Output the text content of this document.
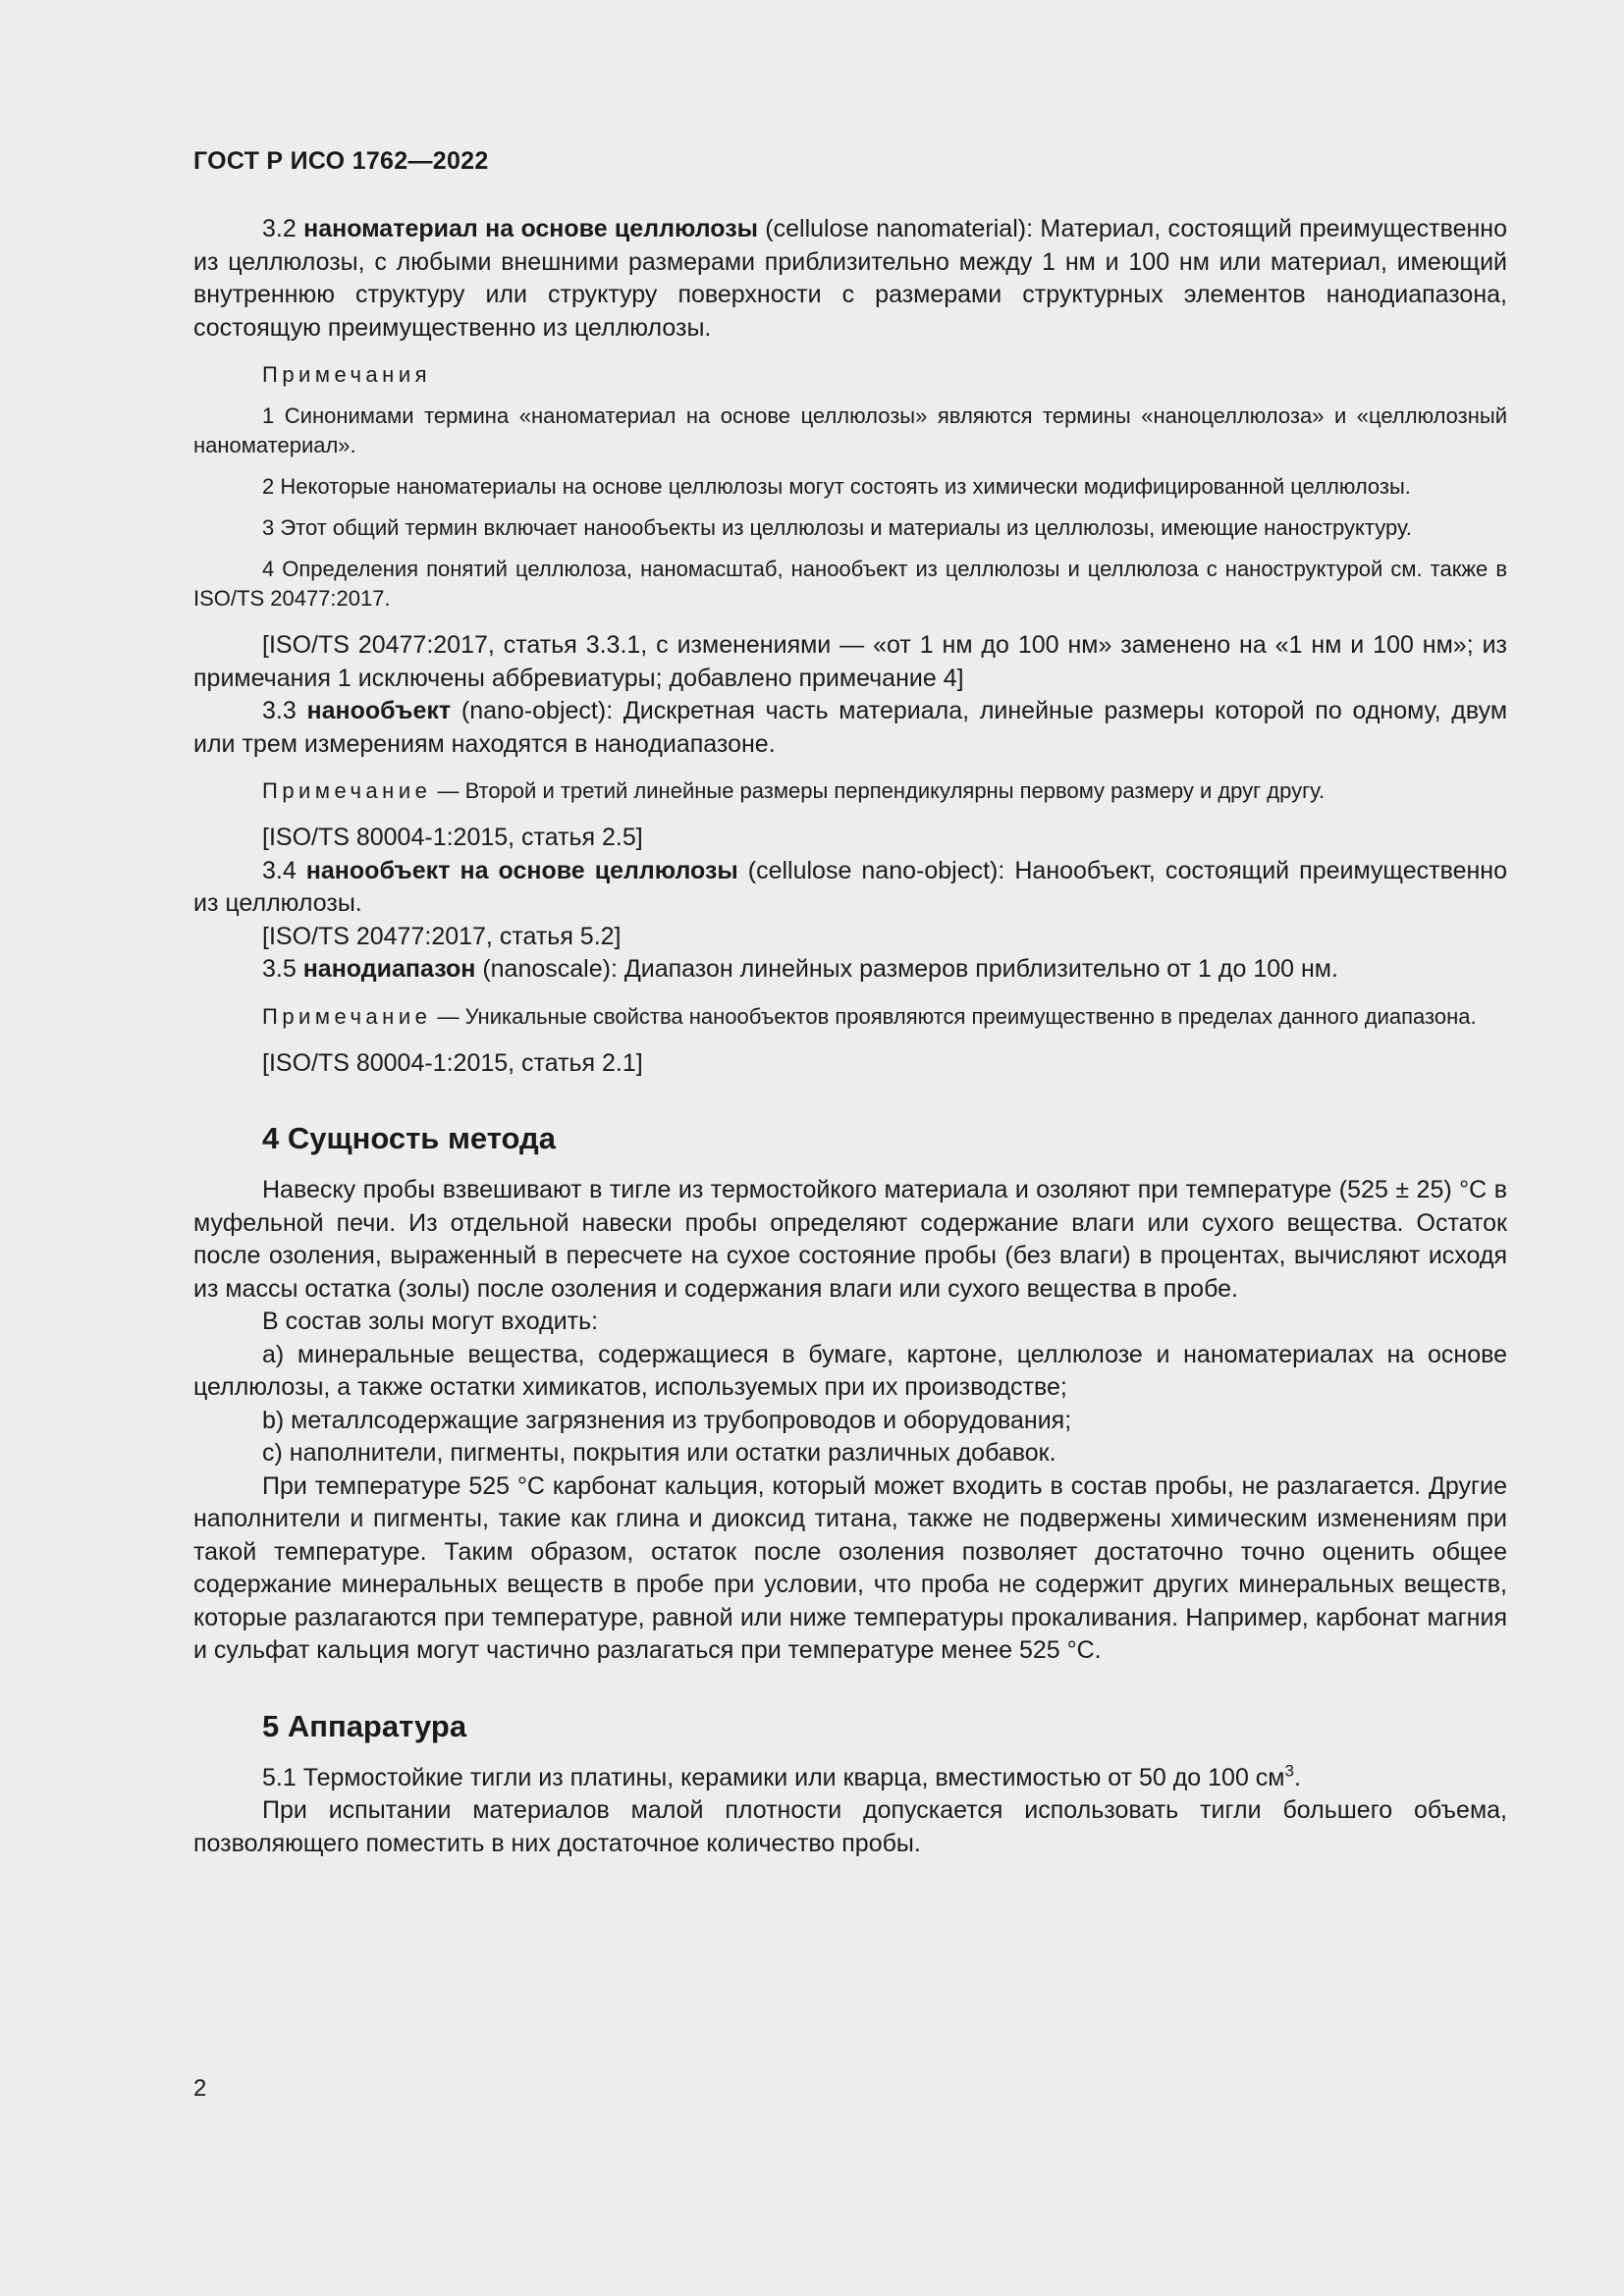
ГОСТ Р ИСО 1762—2022

3.2 наноматериал на основе целлюлозы (cellulose nanomaterial): Материал, состоящий преимущественно из целлюлозы, с любыми внешними размерами приблизительно между 1 нм и 100 нм или материал, имеющий внутреннюю структуру или структуру поверхности с размерами структурных элементов нанодиапазона, состоящую преимущественно из целлюлозы.

Примечания

1 Синонимами термина «наноматериал на основе целлюлозы» являются термины «наноцеллюлоза» и «целлюлозный наноматериал».

2 Некоторые наноматериалы на основе целлюлозы могут состоять из химически модифицированной целлюлозы.

3 Этот общий термин включает нанообъекты из целлюлозы и материалы из целлюлозы, имеющие наноструктуру.

4 Определения понятий целлюлоза, наномасштаб, нанообъект из целлюлозы и целлюлоза с наноструктурой см. также в ISO/TS 20477:2017.

[ISO/TS 20477:2017, статья 3.3.1, с изменениями — «от 1 нм до 100 нм» заменено на «1 нм и 100 нм»; из примечания 1 исключены аббревиатуры; добавлено примечание 4]

3.3 нанообъект (nano-object): Дискретная часть материала, линейные размеры которой по одному, двум или трем измерениям находятся в нанодиапазоне.

Примечание — Второй и третий линейные размеры перпендикулярны первому размеру и друг другу.

[ISO/TS 80004-1:2015, статья 2.5]

3.4 нанообъект на основе целлюлозы (cellulose nano-object): Нанообъект, состоящий преимущественно из целлюлозы.

[ISO/TS 20477:2017, статья 5.2]

3.5 нанодиапазон (nanoscale): Диапазон линейных размеров приблизительно от 1 до 100 нм.

Примечание — Уникальные свойства нанообъектов проявляются преимущественно в пределах данного диапазона.

[ISO/TS 80004-1:2015, статья 2.1]

4 Сущность метода

Навеску пробы взвешивают в тигле из термостойкого материала и озоляют при температуре (525 ± 25) °С в муфельной печи. Из отдельной навески пробы определяют содержание влаги или сухого вещества. Остаток после озоления, выраженный в пересчете на сухое состояние пробы (без влаги) в процентах, вычисляют исходя из массы остатка (золы) после озоления и содержания влаги или сухого вещества в пробе.

В состав золы могут входить:

a) минеральные вещества, содержащиеся в бумаге, картоне, целлюлозе и наноматериалах на основе целлюлозы, а также остатки химикатов, используемых при их производстве;

b) металлсодержащие загрязнения из трубопроводов и оборудования;

c) наполнители, пигменты, покрытия или остатки различных добавок.

При температуре 525 °С карбонат кальция, который может входить в состав пробы, не разлагается. Другие наполнители и пигменты, такие как глина и диоксид титана, также не подвержены химическим изменениям при такой температуре. Таким образом, остаток после озоления позволяет достаточно точно оценить общее содержание минеральных веществ в пробе при условии, что проба не содержит других минеральных веществ, которые разлагаются при температуре, равной или ниже температуры прокаливания. Например, карбонат магния и сульфат кальция могут частично разлагаться при температуре менее 525 °С.

5 Аппаратура

5.1 Термостойкие тигли из платины, керамики или кварца, вместимостью от 50 до 100 $см^3$.

При испытании материалов малой плотности допускается использовать тигли большего объема, позволяющего поместить в них достаточное количество пробы.

2
